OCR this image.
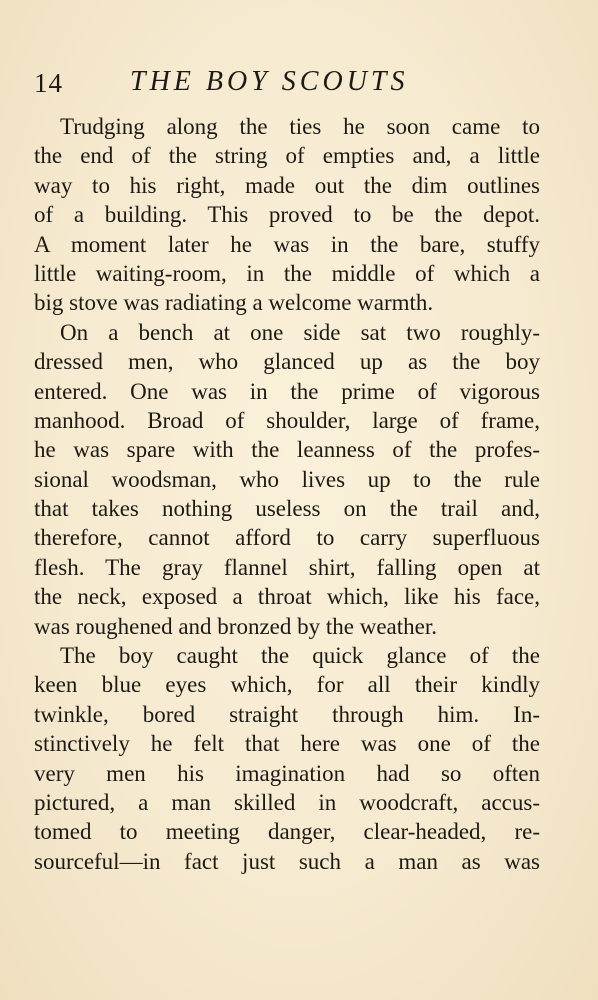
14 THE BOY SCOUTS
Trudging along the ties he soon came to
the end of the string of empties and, a little
way to his right, made out the dim outlines
of a building. This proved to be the depot.
A moment later he was in the bare, stuffy
little waiting-room, in the middle of which a
big stove was radiating a welcome warmth.
On a bench at one side sat two roughly-
dressed men, who glanced up as the boy
entered. One was in the prime of vigorous
manhood. Broad of shoulder, large of frame,
he was spare with the leanness of the profes-
sional woodsman, who lives up to the rule
that takes nothing useless on the trail and,
therefore, cannot afford to carry superfluous
flesh. The gray flannel shirt, falling open at
the neck, exposed a throat which, like his face,
was roughened and bronzed by the weather.
The boy caught the quick glance of the
keen blue eyes which, for all their kindly
twinkle, bored straight through him. In-
stinctively he felt that here was one of the
very men his imagination had so often
pictured, a man skilled in woodcraft, accus-
tomed to meeting danger, clear-headed, re-
sourceful—in fact just such a man as was
